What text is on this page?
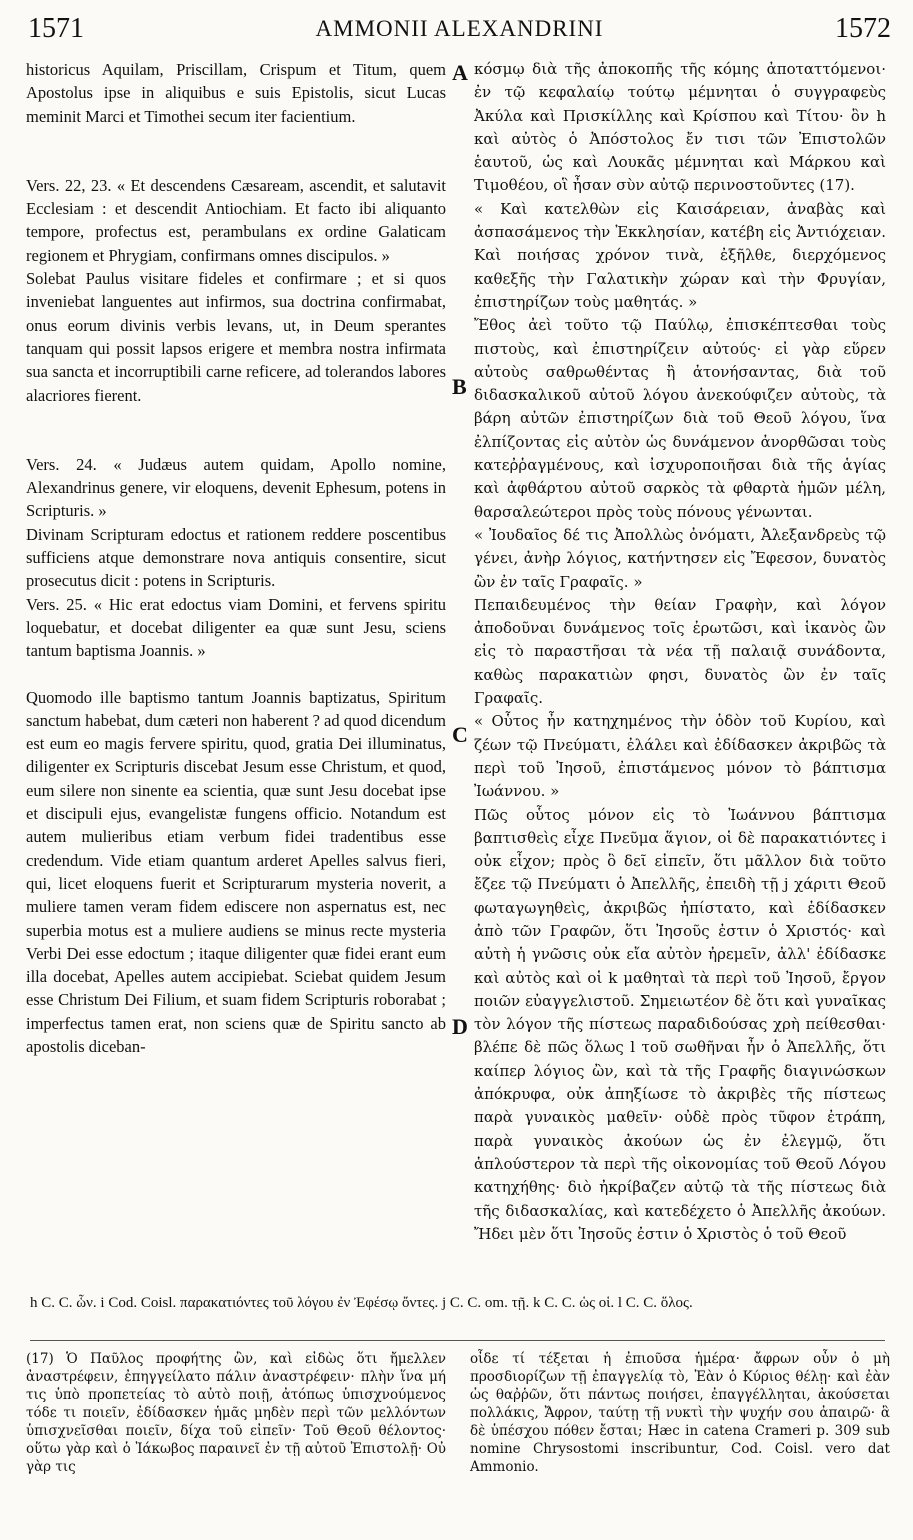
1571	AMMONII ALEXANDRINI	1572

historicus Aquilam, Priscillam, Crispum et Titum, quem Apostolus ipse in aliquibus e suis Epistolis, sicut Lucas meminit Marci et Timothei secum iter facientium.

Vers. 22, 23. « Et descendens Cæsaream, ascendit, et salutavit Ecclesiam : et descendit Antiochiam. Et facto ibi aliquanto tempore, profectus est, perambulans ex ordine Galaticam regionem et Phrygiam, confirmans omnes discipulos. »

Solebat Paulus visitare fideles et confirmare ; et si quos inveniebat languentes aut infirmos, sua doctrina confirmabat, onus eorum divinis verbis levans, ut, in Deum sperantes tanquam qui possit lapsos erigere et membra nostra infirmata sua sancta et incorruptibili carne reficere, ad tolerandos labores alacriores fierent.

Vers. 24. « Judæus autem quidam, Apollo nomine, Alexandrinus genere, vir eloquens, devenit Ephesum, potens in Scripturis. »

Divinam Scripturam edoctus et rationem reddere poscentibus sufficiens atque demonstrare nova antiquis consentire, sicut prosecutus dicit : potens in Scripturis.

Vers. 25. « Hic erat edoctus viam Domini, et fervens spiritu loquebatur, et docebat diligenter ea quæ sunt Jesu, sciens tantum baptisma Joannis. »

Quomodo ille baptismo tantum Joannis baptizatus, Spiritum sanctum habebat, dum cæteri non haberent ? ad quod dicendum est eum eo magis fervere spiritu, quod, gratia Dei illuminatus, diligenter ex Scripturis discebat Jesum esse Christum, et quod, eum silere non sinente ea scientia, quæ sunt Jesu docebat ipse et discipuli ejus, evangelistæ fungens officio. Notandum est autem mulieribus etiam verbum fidei tradentibus esse credendum. Vide etiam quantum arderet Apelles salvus fieri, qui, licet eloquens fuerit et Scripturarum mysteria noverit, a muliere tamen veram fidem ediscere non aspernatus est, nec superbia motus est a muliere audiens se minus recte mysteria Verbi Dei esse edoctum ; itaque diligenter quæ fidei erant eum illa docebat, Apelles autem accipiebat. Sciebat quidem Jesum esse Christum Dei Filium, et suam fidem Scripturis roborabat ; imperfectus tamen erat, non sciens quæ de Spiritu sancto ab apostolis diceban-

κόσμῳ διὰ τῆς ἀποκοπῆς τῆς κόμης ἀποταττόμενοι· ἐν τῷ κεφαλαίῳ τούτῳ μέμνηται ὁ συγγραφεὺς Ἀκύλα καὶ Πρισκίλλης καὶ Κρίσπου καὶ Τίτου· ὃν h καὶ αὐτὸς ὁ Ἀπόστολος ἔν τισι τῶν Ἐπιστολῶν ἑαυτοῦ, ὡς καὶ Λουκᾶς μέμνηται καὶ Μάρκου καὶ Τιμοθέου, οἳ ἦσαν σὺν αὐτῷ περινοστοῦντες (17).

« Καὶ κατελθὼν εἰς Καισάρειαν, ἀναβὰς καὶ ἀσπασάμενος τὴν Ἐκκλησίαν, κατέβη εἰς Ἀντιόχειαν. Καὶ ποιήσας χρόνον τινὰ, ἐξῆλθε, διερχόμενος καθεξῆς τὴν Γαλατικὴν χώραν καὶ τὴν Φρυγίαν, ἐπιστηρίζων τοὺς μαθητάς. »

Ἔθος ἀεὶ τοῦτο τῷ Παύλῳ, ἐπισκέπτεσθαι τοὺς πιστοὺς, καὶ ἐπιστηρίζειν αὐτούς· εἰ γὰρ εὕρεν αὐτοὺς σαθρωθέντας ἢ ἀτονήσαντας, διὰ τοῦ διδασκαλικοῦ αὐτοῦ λόγου ἀνεκούφιζεν αὐτοὺς, τὰ βάρη αὐτῶν ἐπιστηρίζων διὰ τοῦ Θεοῦ λόγου, ἵνα ἐλπίζοντας εἰς αὐτὸν ὡς δυνάμενον ἀνορθῶσαι τοὺς κατεῤῥαγμένους, καὶ ἰσχυροποιῆσαι διὰ τῆς ἁγίας καὶ ἀφθάρτου αὐτοῦ σαρκὸς τὰ φθαρτὰ ἡμῶν μέλη, θαρσαλεώτεροι πρὸς τοὺς πόνους γένωνται.

« Ἰουδαῖος δέ τις Ἀπολλὼς ὀνόματι, Ἀλεξανδρεὺς τῷ γένει, ἀνὴρ λόγιος, κατήντησεν εἰς Ἔφεσον, δυνατὸς ὢν ἐν ταῖς Γραφαῖς. »

Πεπαιδευμένος τὴν θείαν Γραφὴν, καὶ λόγον ἀποδοῦναι δυνάμενος τοῖς ἐρωτῶσι, καὶ ἱκανὸς ὢν εἰς τὸ παραστῆσαι τὰ νέα τῇ παλαιᾷ συνάδοντα, καθὼς παρακατιὼν φησι, δυνατὸς ὢν ἐν ταῖς Γραφαῖς.

« Οὗτος ἦν κατηχημένος τὴν ὁδὸν τοῦ Κυρίου, καὶ ζέων τῷ Πνεύματι, ἐλάλει καὶ ἐδίδασκεν ἀκριβῶς τὰ περὶ τοῦ Ἰησοῦ, ἐπιστάμενος μόνον τὸ βάπτισμα Ἰωάννου. »

Πῶς οὗτος μόνον εἰς τὸ Ἰωάννου βάπτισμα βαπτισθεὶς εἶχε Πνεῦμα ἅγιον, οἱ δὲ παρακατιόντες i οὐκ εἶχον; πρὸς ὃ δεῖ εἰπεῖν, ὅτι μᾶλλον διὰ τοῦτο ἔζεε τῷ Πνεύματι ὁ Ἀπελλῆς, ἐπειδὴ τῇ j χάριτι Θεοῦ φωταγωγηθεὶς, ἀκριβῶς ἠπίστατο, καὶ ἐδίδασκεν ἀπὸ τῶν Γραφῶν, ὅτι Ἰησοῦς ἐστιν ὁ Χριστός· καὶ αὐτὴ ἡ γνῶσις οὐκ εἴα αὐτὸν ἠρεμεῖν, ἀλλ' ἐδίδασκε καὶ αὐτὸς καὶ οἱ k μαθηταὶ τὰ περὶ τοῦ Ἰησοῦ, ἔργον ποιῶν εὐαγγελιστοῦ. Σημειωτέον δὲ ὅτι καὶ γυναῖκας τὸν λόγον τῆς πίστεως παραδιδούσας χρὴ πείθεσθαι· βλέπε δὲ πῶς ὅλως l τοῦ σωθῆναι ἦν ὁ Ἀπελλῆς, ὅτι καίπερ λόγιος ὢν, καὶ τὰ τῆς Γραφῆς διαγινώσκων ἀπόκρυφα, οὐκ ἀπηξίωσε τὸ ἀκριβὲς τῆς πίστεως παρὰ γυναικὸς μαθεῖν· οὐδὲ πρὸς τῦφον ἐτράπη, παρὰ γυναικὸς ἀκούων ὡς ἐν ἐλεγμῷ, ὅτι ἁπλούστερον τὰ περὶ τῆς οἰκονομίας τοῦ Θεοῦ Λόγου κατηχήθης· διὸ ἠκρίβαζεν αὐτῷ τὰ τῆς πίστεως διὰ τῆς διδασκαλίας, καὶ κατεδέχετο ὁ Ἀπελλῆς ἀκούων. Ἤδει μὲν ὅτι Ἰησοῦς ἐστιν ὁ Χριστὸς ὁ τοῦ Θεοῦ

A
B
C
D
h C. C. ὧν. i Cod. Coisl. παρακατιόντες τοῦ λόγου ἐν Ἐφέσῳ ὄντες. j C. C. om. τῇ. k C. C. ὡς οἱ. l C. C. ὅλος.
(17) Ὁ Παῦλος προφήτης ὢν, καὶ εἰδὼς ὅτι ἤμελλεν ἀναστρέφειν, ἐπηγγείλατο πάλιν ἀναστρέφειν· πλὴν ἵνα μή τις ὑπὸ προπετείας τὸ αὐτὸ ποιῇ, ἀτόπως ὑπισχνούμενος τόδε τι ποιεῖν, ἐδίδασκεν ἡμᾶς μηδὲν περὶ τῶν μελλόντων ὑπισχνεῖσθαι ποιεῖν, δίχα τοῦ εἰπεῖν· Τοῦ Θεοῦ θέλοντος· οὕτω γὰρ καὶ ὁ Ἰάκωβος παραινεῖ ἐν τῇ αὐτοῦ Ἐπιστολῇ· Οὐ γὰρ τις
οἶδε τί τέξεται ἡ ἐπιοῦσα ἡμέρα· ἄφρων οὖν ὁ μὴ προσδιορίζων τῇ ἐπαγγελίᾳ τὸ, Ἐὰν ὁ Κύριος θέλῃ· καὶ ἐὰν ὡς θαῤῥῶν, ὅτι πάντως ποιήσει, ἐπαγγέλληται, ἀκούσεται πολλάκις, Ἄφρον, ταύτῃ τῇ νυκτὶ τὴν ψυχήν σου ἀπαιρῶ· ἃ δὲ ὑπέσχου πόθεν ἔσται; Hæc in catena Crameri p. 309 sub nomine Chrysostomi inscribuntur, Cod. Coisl. vero dat Ammonio.
